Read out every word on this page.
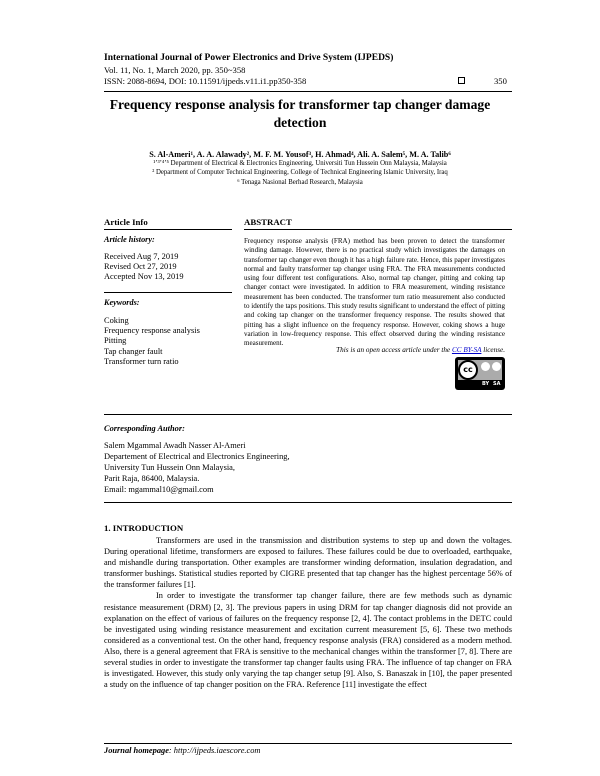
International Journal of Power Electronics and Drive System (IJPEDS)
Vol. 11, No. 1, March 2020, pp. 350~358
ISSN: 2088-8694, DOI: 10.11591/ijpeds.v11.i1.pp350-358	350
Frequency response analysis for transformer tap changer damage detection
S. Al-Ameri¹, A. A. Alawady², M. F. M. Yousof³, H. Ahmad⁴, Ali. A. Salem⁵, M. A. Talib⁶
¹ʼ³ʼ⁴ʼ⁵ Department of Electrical & Electronics Engineering, Universiti Tun Hussein Onn Malaysia, Malaysia
² Department of Computer Technical Engineering, College of Technical Engineering Islamic University, Iraq
⁶ Tenaga Nasional Berhad Research, Malaysia
Article Info
Article history:
Received Aug 7, 2019
Revised Oct 27, 2019
Accepted Nov 13, 2019
Keywords:
Coking
Frequency response analysis
Pitting
Tap changer fault
Transformer turn ratio
ABSTRACT
Frequency response analysis (FRA) method has been proven to detect the transformer winding damage. However, there is no practical study which investigates the damages on transformer tap changer even though it has a high failure rate. Hence, this paper investigates normal and faulty transformer tap changer using FRA. The FRA measurements conducted using four different test configurations. Also, normal tap changer, pitting and coking tap changer contact were investigated. In addition to FRA measurement, winding resistance measurement has been conducted. The transformer turn ratio measurement also conducted to identify the taps positions. This study results significant to understand the effect of pitting and coking tap changer on the transformer frequency response. The results showed that pitting has a slight influence on the frequency response. However, coking shows a huge variation in low-frequency response. This effect observed during the winding resistance measurement.
This is an open access article under the CC BY-SA license.
cc
BY SA
Corresponding Author:
Salem Mgammal Awadh Nasser Al-Ameri
Departement of Electrical and Electronics Engineering,
University Tun Hussein Onn Malaysia,
Parit Raja, 86400, Malaysia.
Email: mgammal10@gmail.com
1. INTRODUCTION

Transformers are used in the transmission and distribution systems to step up and down the voltages. During operational lifetime, transformers are exposed to failures. These failures could be due to overloaded, earthquake, and mishandle during transportation. Other examples are transformer winding deformation, insulation degradation, and transformer bushings. Statistical studies reported by CIGRE presented that tap changer has the highest percentage 56% of the transformer failures [1].

In order to investigate the transformer tap changer failure, there are few methods such as dynamic resistance measurement (DRM) [2, 3]. The previous papers in using DRM for tap changer diagnosis did not provide an explanation on the effect of various of failures on the frequency response [2, 4]. The contact problems in the DETC could be investigated using winding resistance measurement and excitation current measurement [5, 6]. These two methods considered as a conventional test. On the other hand, frequency response analysis (FRA) considered as a modern method. Also, there is a general agreement that FRA is sensitive to the mechanical changes within the transformer [7, 8]. There are several studies in order to investigate the transformer tap changer faults using FRA. The influence of tap changer on FRA is investigated. However, this study only varying the tap changer setup [9]. Also, S. Banaszak in [10], the paper presented a study on the influence of tap changer position on the FRA. Reference [11] investigate the effect

Journal homepage: http://ijpeds.iaescore.com
